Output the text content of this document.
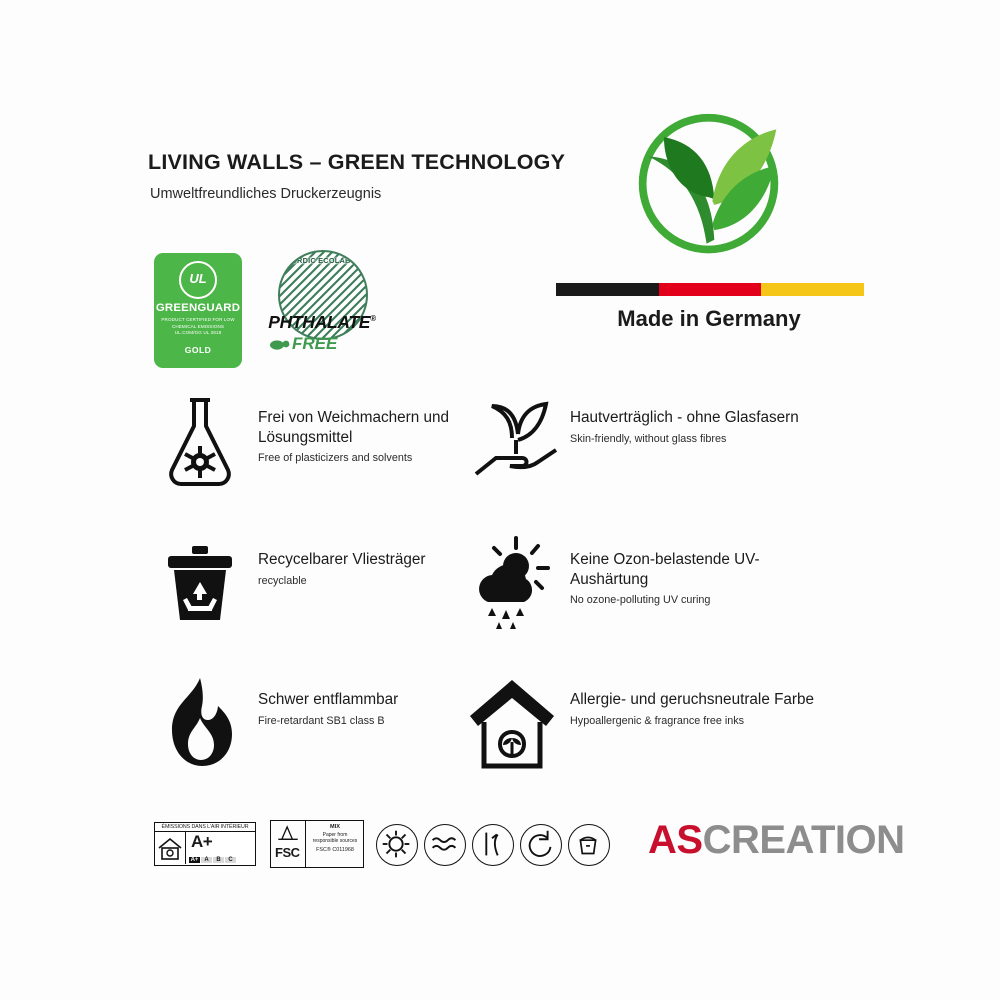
LIVING WALLS – GREEN TECHNOLOGY
Umweltfreundliches Druckerzeugnis
UL
GREENGUARD
PRODUCT CERTIFIED FOR LOW CHEMICAL EMISSIONS UL.COM/GG UL 2818
GOLD
NORDIC ECOLABEL
PHTHALATE®
FREE
Made in Germany
Frei von Weichmachern und Lösungsmittel
Free of plasticizers and solvents
Hautverträglich - ohne Glasfasern
Skin-friendly, without glass fibres
Recycelbarer Vliesträger
recyclable
Keine Ozon-belastende UV-Aushärtung
No ozone-polluting UV curing
Schwer entflammbar
Fire-retardant SB1 class B
Allergie- und geruchsneutrale Farbe
Hypoallergenic & fragrance free inks
ÉMISSIONS DANS L'AIR INTÉRIEUR
A+
A+ A	B	C	FSC
MIX
Paper from
responsible sources
FSC® C011968	ASCREATION
